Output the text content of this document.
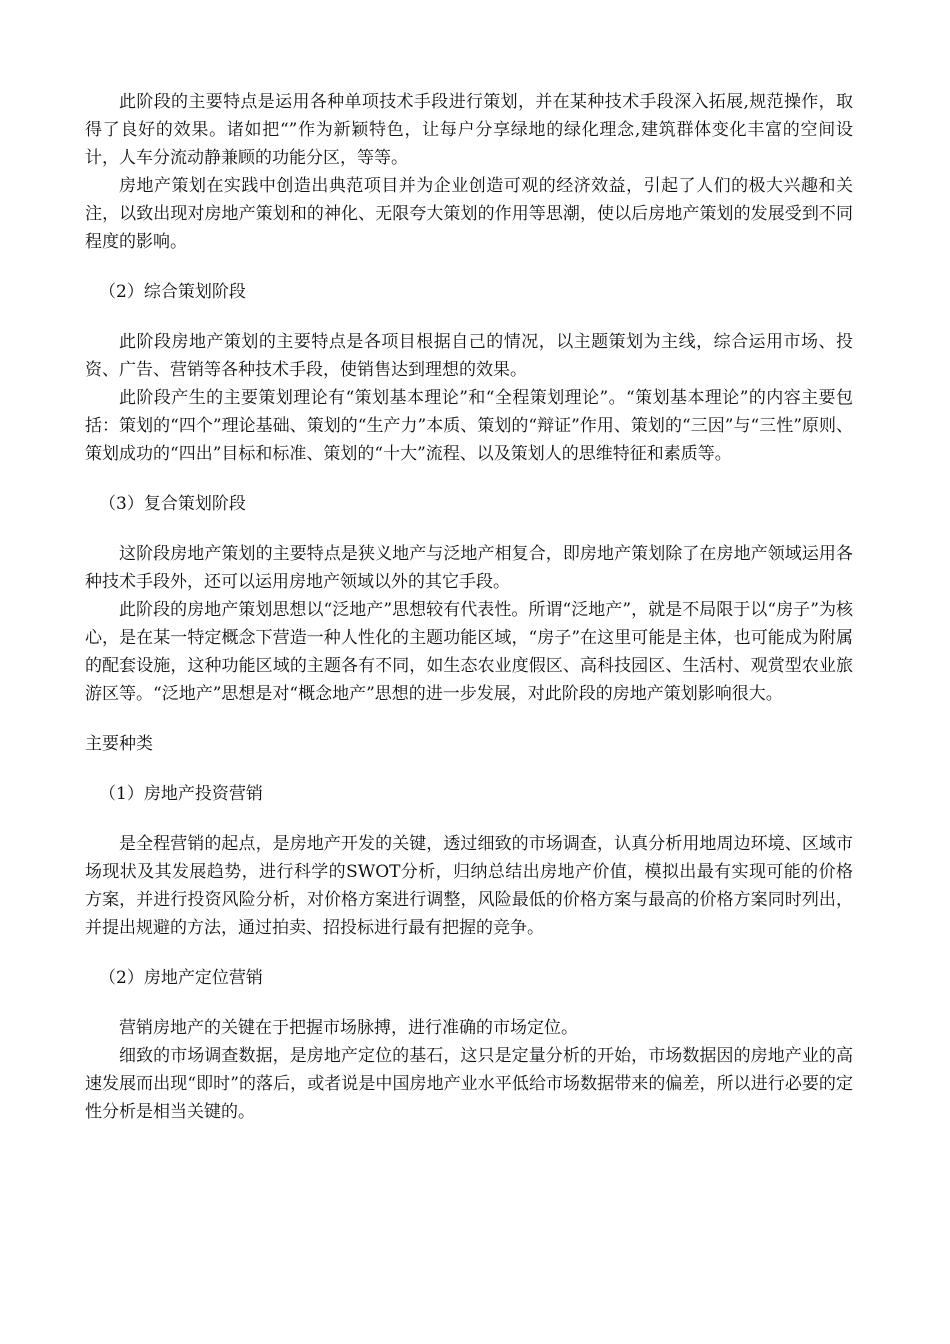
此阶段的主要特点是运用各种单项技术手段进行策划，并在某种技术手段深入拓展,规范操作，取得了良好的效果。诸如把“”作为新颖特色，让每户分享绿地的绿化理念,建筑群体变化丰富的空间设计，人车分流动静兼顾的功能分区，等等。

房地产策划在实践中创造出典范项目并为企业创造可观的经济效益，引起了人们的极大兴趣和关注，以致出现对房地产策划和的神化、无限夸大策划的作用等思潮，使以后房地产策划的发展受到不同程度的影响。

（2）综合策划阶段

此阶段房地产策划的主要特点是各项目根据自己的情况，以主题策划为主线，综合运用市场、投资、广告、营销等各种技术手段，使销售达到理想的效果。

此阶段产生的主要策划理论有“策划基本理论”和“全程策划理论”。“策划基本理论”的内容主要包括：策划的“四个”理论基础、策划的“生产力”本质、策划的“辩证”作用、策划的“三因”与“三性”原则、策划成功的“四出”目标和标准、策划的“十大”流程、以及策划人的思维特征和素质等。

（3）复合策划阶段

这阶段房地产策划的主要特点是狭义地产与泛地产相复合，即房地产策划除了在房地产领域运用各种技术手段外，还可以运用房地产领域以外的其它手段。

此阶段的房地产策划思想以“泛地产”思想较有代表性。所谓“泛地产”，就是不局限于以“房子”为核心，是在某一特定概念下营造一种人性化的主题功能区域，“房子”在这里可能是主体，也可能成为附属的配套设施，这种功能区域的主题各有不同，如生态农业度假区、高科技园区、生活村、观赏型农业旅游区等。“泛地产”思想是对“概念地产”思想的进一步发展，对此阶段的房地产策划影响很大。

主要种类

（1）房地产投资营销

是全程营销的起点，是房地产开发的关键，透过细致的市场调查，认真分析用地周边环境、区域市场现状及其发展趋势，进行科学的SWOT分析，归纳总结出房地产价值，模拟出最有实现可能的价格方案，并进行投资风险分析，对价格方案进行调整，风险最低的价格方案与最高的价格方案同时列出，并提出规避的方法，通过拍卖、招投标进行最有把握的竞争。

（2）房地产定位营销

营销房地产的关键在于把握市场脉搏，进行准确的市场定位。

细致的市场调查数据，是房地产定位的基石，这只是定量分析的开始，市场数据因的房地产业的高速发展而出现“即时”的落后，或者说是中国房地产业水平低给市场数据带来的偏差，所以进行必要的定性分析是相当关键的。
